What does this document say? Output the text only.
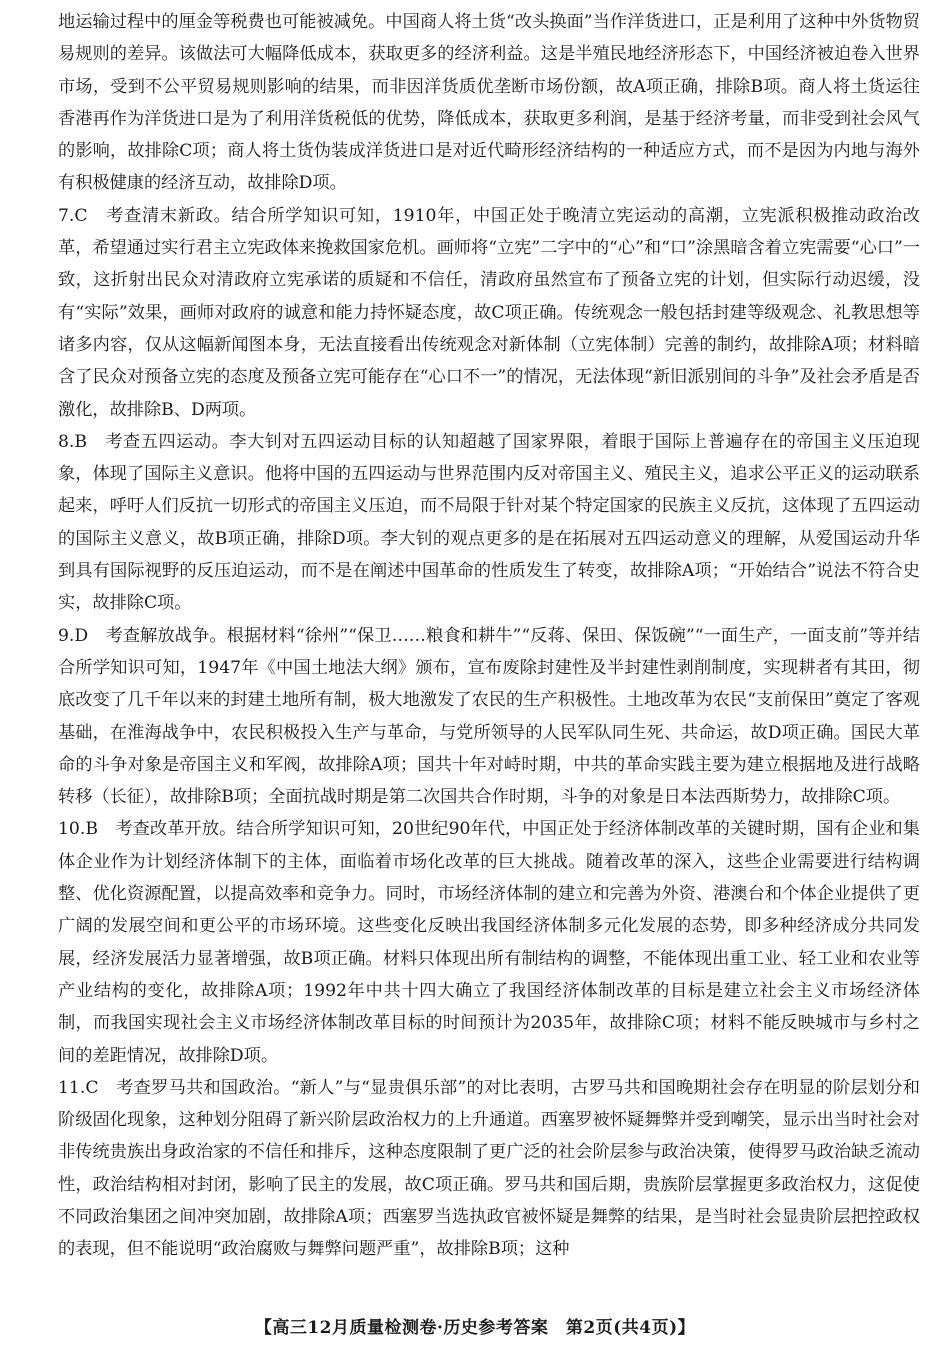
地运输过程中的厘金等税费也可能被减免。中国商人将土货“改头换面”当作洋货进口，正是利用了这种中外货物贸易规则的差异。该做法可大幅降低成本，获取更多的经济利益。这是半殖民地经济形态下，中国经济被迫卷入世界市场，受到不公平贸易规则影响的结果，而非因洋货质优垄断市场份额，故A项正确，排除B项。商人将土货运往香港再作为洋货进口是为了利用洋货税低的优势，降低成本，获取更多利润，是基于经济考量，而非受到社会风气的影响，故排除C项；商人将土货伪装成洋货进口是对近代畸形经济结构的一种适应方式，而不是因为内地与海外有积极健康的经济互动，故排除D项。

7.C　 考查清末新政。结合所学知识可知，1910年，中国正处于晚清立宪运动的高潮，立宪派积极推动政治改革，希望通过实行君主立宪政体来挽救国家危机。画师将“立宪”二字中的“心”和“口”涂黑暗含着立宪需要“心口”一致，这折射出民众对清政府立宪承诺的质疑和不信任，清政府虽然宣布了预备立宪的计划，但实际行动迟缓，没有“实际”效果，画师对政府的诚意和能力持怀疑态度，故C项正确。传统观念一般包括封建等级观念、礼教思想等诸多内容，仅从这幅新闻图本身，无法直接看出传统观念对新体制（立宪体制）完善的制约，故排除A项；材料暗含了民众对预备立宪的态度及预备立宪可能存在“心口不一”的情况，无法体现“新旧派别间的斗争”及社会矛盾是否激化，故排除B、D两项。

8.B　 考查五四运动。李大钊对五四运动目标的认知超越了国家界限，着眼于国际上普遍存在的帝国主义压迫现象，体现了国际主义意识。他将中国的五四运动与世界范围内反对帝国主义、殖民主义，追求公平正义的运动联系起来，呼吁人们反抗一切形式的帝国主义压迫，而不局限于针对某个特定国家的民族主义反抗，这体现了五四运动的国际主义意义，故B项正确，排除D项。李大钊的观点更多的是在拓展对五四运动意义的理解，从爱国运动升华到具有国际视野的反压迫运动，而不是在阐述中国革命的性质发生了转变，故排除A项；“开始结合”说法不符合史实，故排除C项。

9.D　 考查解放战争。根据材料“徐州”“保卫……粮食和耕牛”“反蒋、保田、保饭碗”“一面生产，一面支前”等并结合所学知识可知，1947年《中国土地法大纲》颁布，宣布废除封建性及半封建性剥削制度，实现耕者有其田，彻底改变了几千年以来的封建土地所有制，极大地激发了农民的生产积极性。土地改革为农民“支前保田”奠定了客观基础，在淮海战争中，农民积极投入生产与革命，与党所领导的人民军队同生死、共命运，故D项正确。国民大革命的斗争对象是帝国主义和军阀，故排除A项；国共十年对峙时期，中共的革命实践主要为建立根据地及进行战略转移（长征），故排除B项；全面抗战时期是第二次国共合作时期，斗争的对象是日本法西斯势力，故排除C项。

10.B　 考查改革开放。结合所学知识可知，20世纪90年代，中国正处于经济体制改革的关键时期，国有企业和集体企业作为计划经济体制下的主体，面临着市场化改革的巨大挑战。随着改革的深入，这些企业需要进行结构调整、优化资源配置，以提高效率和竞争力。同时，市场经济体制的建立和完善为外资、港澳台和个体企业提供了更广阔的发展空间和更公平的市场环境。这些变化反映出我国经济体制多元化发展的态势，即多种经济成分共同发展，经济发展活力显著增强，故B项正确。材料只体现出所有制结构的调整，不能体现出重工业、轻工业和农业等产业结构的变化，故排除A项；1992年中共十四大确立了我国经济体制改革的目标是建立社会主义市场经济体制，而我国实现社会主义市场经济体制改革目标的时间预计为2035年，故排除C项；材料不能反映城市与乡村之间的差距情况，故排除D项。

11.C　 考查罗马共和国政治。“新人”与“显贵俱乐部”的对比表明，古罗马共和国晚期社会存在明显的阶层划分和阶级固化现象，这种划分阻碍了新兴阶层政治权力的上升通道。西塞罗被怀疑舞弊并受到嘲笑，显示出当时社会对非传统贵族出身政治家的不信任和排斥，这种态度限制了更广泛的社会阶层参与政治决策，使得罗马政治缺乏流动性，政治结构相对封闭，影响了民主的发展，故C项正确。罗马共和国后期，贵族阶层掌握更多政治权力，这促使不同政治集团之间冲突加剧，故排除A项；西塞罗当选执政官被怀疑是舞弊的结果，是当时社会显贵阶层把控政权的表现，但不能说明“政治腐败与舞弊问题严重”，故排除B项；这种

【高三12月质量检测卷·历史参考答案　第2页(共4页)】
